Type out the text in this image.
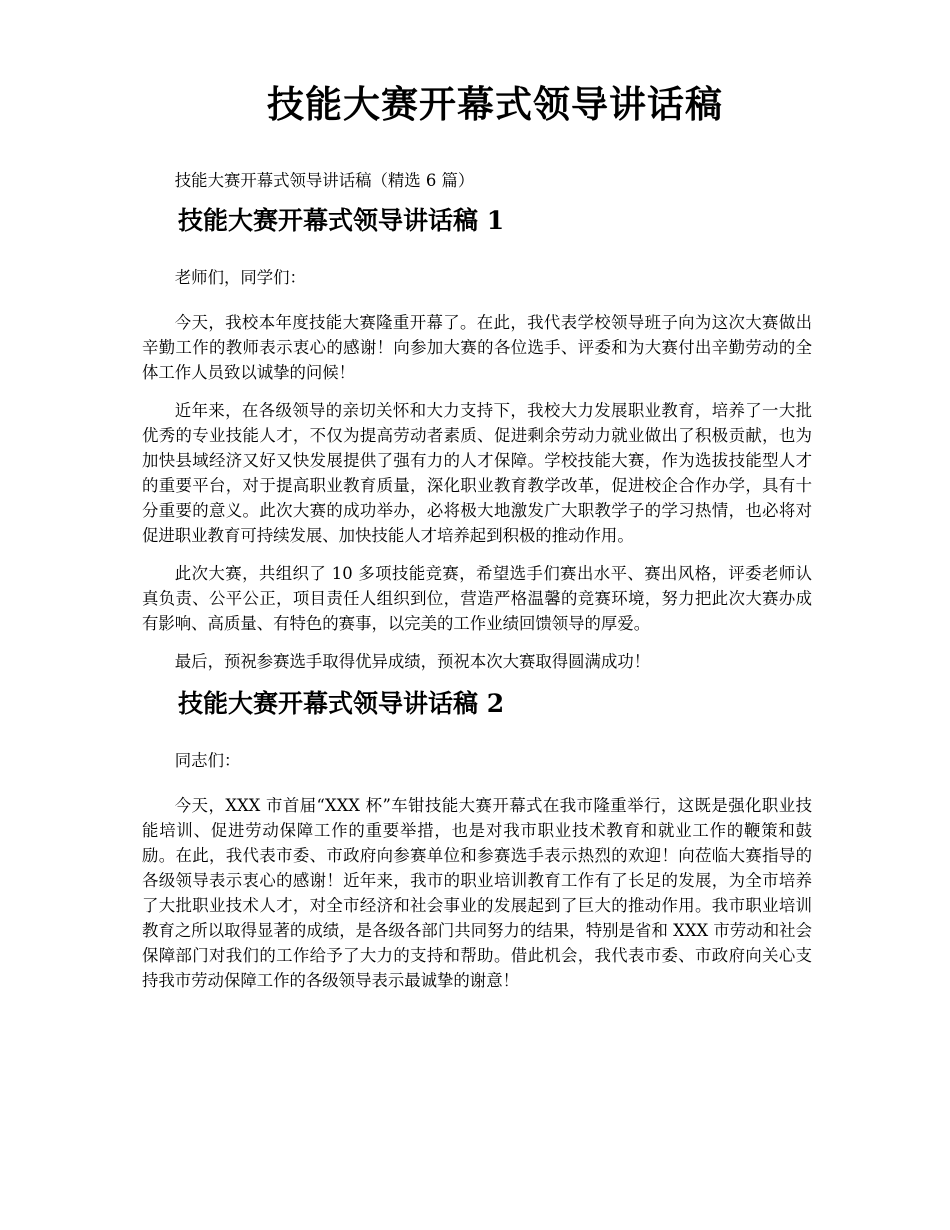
技能大赛开幕式领导讲话稿

技能大赛开幕式领导讲话稿（精选 6 篇）

技能大赛开幕式领导讲话稿 1

老师们，同学们：

今天，我校本年度技能大赛隆重开幕了。在此，我代表学校领导班子向为这次大赛做出辛勤工作的教师表示衷心的感谢！向参加大赛的各位选手、评委和为大赛付出辛勤劳动的全体工作人员致以诚挚的问候！

近年来，在各级领导的亲切关怀和大力支持下，我校大力发展职业教育，培养了一大批优秀的专业技能人才，不仅为提高劳动者素质、促进剩余劳动力就业做出了积极贡献，也为加快县域经济又好又快发展提供了强有力的人才保障。学校技能大赛，作为选拔技能型人才的重要平台，对于提高职业教育质量，深化职业教育教学改革，促进校企合作办学，具有十分重要的意义。此次大赛的成功举办，必将极大地激发广大职教学子的学习热情，也必将对促进职业教育可持续发展、加快技能人才培养起到积极的推动作用。

此次大赛，共组织了 10 多项技能竞赛，希望选手们赛出水平、赛出风格，评委老师认真负责、公平公正，项目责任人组织到位，营造严格温馨的竞赛环境，努力把此次大赛办成有影响、高质量、有特色的赛事，以完美的工作业绩回馈领导的厚爱。

最后，预祝参赛选手取得优异成绩，预祝本次大赛取得圆满成功！

技能大赛开幕式领导讲话稿 2

同志们：

今天，XXX 市首届“XXX 杯”车钳技能大赛开幕式在我市隆重举行，这既是强化职业技能培训、促进劳动保障工作的重要举措，也是对我市职业技术教育和就业工作的鞭策和鼓励。在此，我代表市委、市政府向参赛单位和参赛选手表示热烈的欢迎！向莅临大赛指导的各级领导表示衷心的感谢！近年来，我市的职业培训教育工作有了长足的发展，为全市培养了大批职业技术人才，对全市经济和社会事业的发展起到了巨大的推动作用。我市职业培训教育之所以取得显著的成绩，是各级各部门共同努力的结果，特别是省和 XXX 市劳动和社会保障部门对我们的工作给予了大力的支持和帮助。借此机会，我代表市委、市政府向关心支持我市劳动保障工作的各级领导表示最诚挚的谢意！
